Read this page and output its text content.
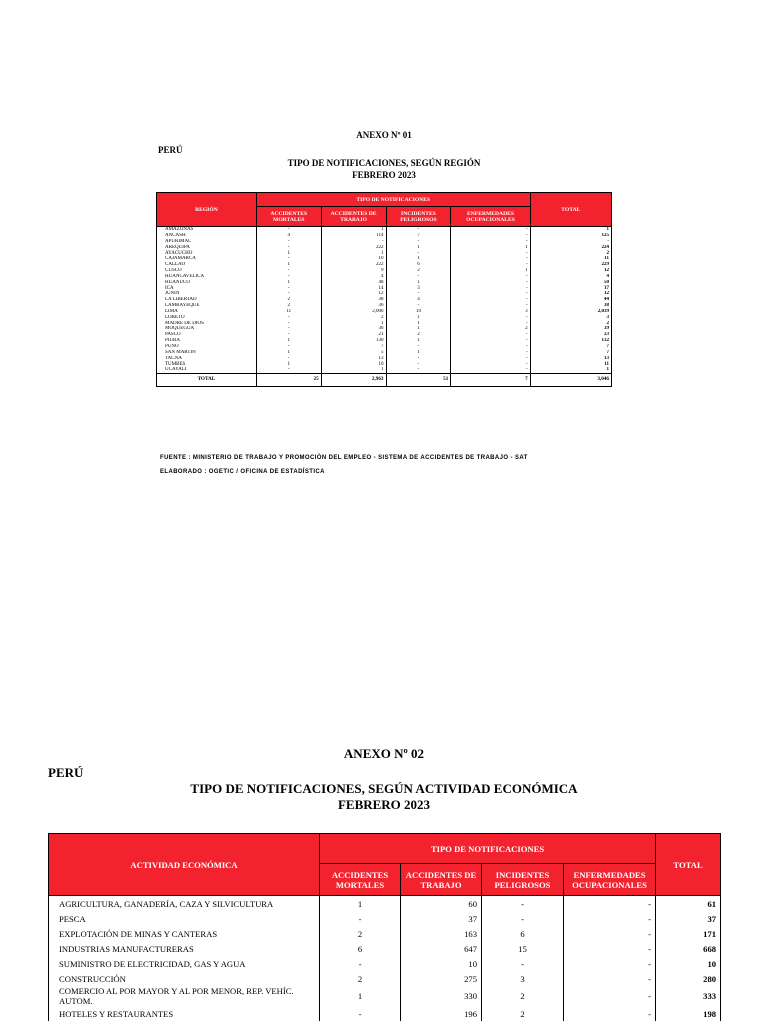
ANEXO Nº 01
PERÚ
TIPO DE NOTIFICACIONES, SEGÚN REGIÓN
FEBRERO 2023
REGIÓN	TIPO DE NOTIFICACIONES				TOTAL
	ACCIDENTES MORTALES	ACCIDENTES DE TRABAJO	INCIDENTES PELIGROSOS	ENFERMEDADES OCUPACIONALES	
AMAZONAS	-	1	-	-	1
ANCASH	4	114	7	-	125
APURÍMAC	-	-	-	-	-
AREQUIPA	-	222	1	1	224
AYACUCHO	1	1	-	-	2
CAJAMARCA	-	10	1	-	11
CALLAO	1	222	6	-	229
CUSCO	-	9	2	1	12
HUANCAVELICA	-	4	-	-	4
HUANUCO	1	48	1	-	50
ICA	-	14	3	-	17
JUNIN	-	12	-	-	12
LA LIBERTAD	2	38	4	-	44
LAMBAYEQUE	2	36	-	-	38
LIMA	11	2,006	19	3	2,039
LORETO	-	2	1	-	3
MADRE DE DIOS	-	1	1	-	2
MOQUEGUA	-	36	1	2	39
PASCO	-	21	2	-	23
PIURA	1	130	1	-	132
PUNO	-	7	-	-	7
SAN MARTÍN	1	5	1	-	7
TACNA	-	13	-	-	13
TUMBES	1	10	-	-	11
UCAYALI	-	1	-	-	1
TOTAL	25	2,963	51	7	3,046
FUENTE : MINISTERIO DE TRABAJO Y PROMOCIÓN DEL EMPLEO - SISTEMA DE ACCIDENTES DE TRABAJO - SAT
ELABORADO : OGETIC / OFICINA DE ESTADÍSTICA
ANEXO Nº 02
PERÚ
TIPO DE NOTIFICACIONES, SEGÚN ACTIVIDAD ECONÓMICA
FEBRERO 2023
ACTIVIDAD ECONÓMICA	TIPO DE NOTIFICACIONES				TOTAL
	ACCIDENTES MORTALES	ACCIDENTES DE TRABAJO	INCIDENTES PELIGROSOS	ENFERMEDADES OCUPACIONALES	
AGRICULTURA, GANADERÍA, CAZA Y SILVICULTURA	1	60	-	-	61
PESCA	-	37	-	-	37
EXPLOTACIÓN DE MINAS Y CANTERAS	2	163	6	-	171
INDUSTRIAS MANUFACTURERAS	6	647	15	-	668
SUMINISTRO DE ELECTRICIDAD, GAS Y AGUA	-	10	-	-	10
CONSTRUCCIÓN	2	275	3	-	280
COMERCIO AL POR MAYOR Y AL POR MENOR, REP. VEHÍC. AUTOM.	1	330	2	-	333
HOTELES Y RESTAURANTES	-	196	2	-	198
